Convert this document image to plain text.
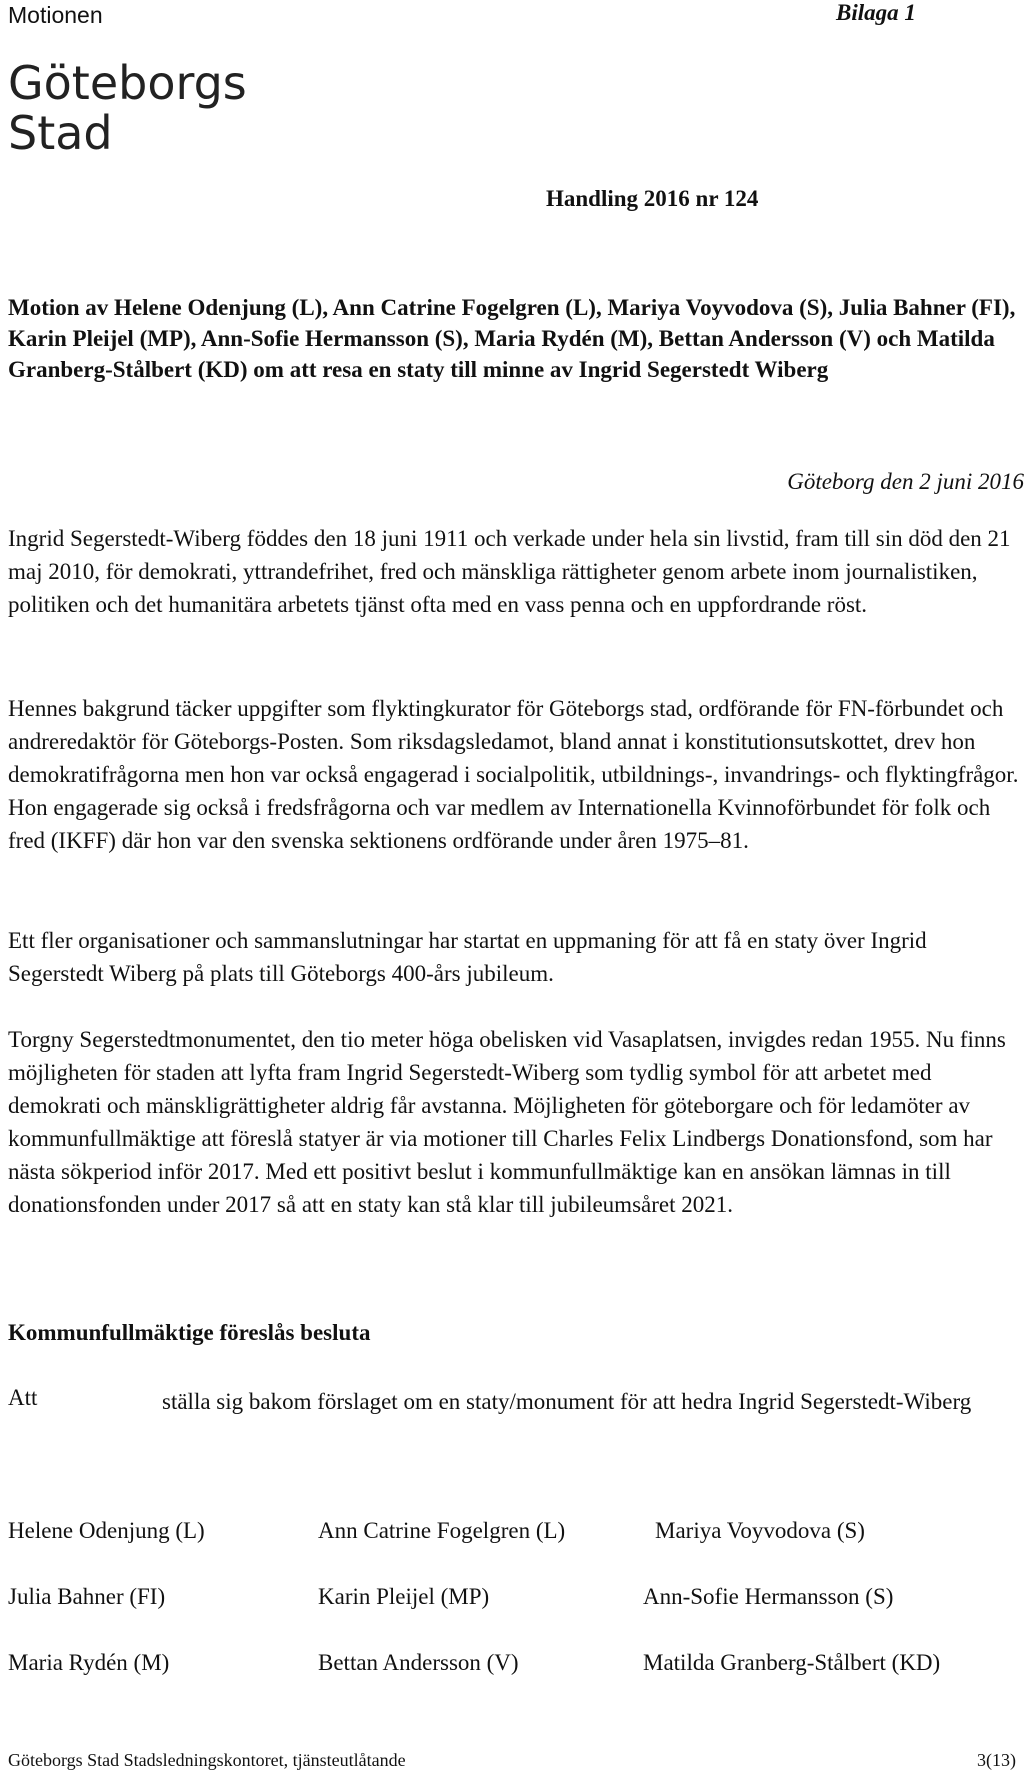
Motionen	Bilaga 1
Göteborgs
Stad
Handling 2016 nr 124
Motion av Helene Odenjung (L), Ann Catrine Fogelgren (L), Mariya Voyvodova (S), Julia Bahner (FI), Karin Pleijel (MP), Ann-Sofie Hermansson (S), Maria Rydén (M), Bettan Andersson (V) och Matilda Granberg-Stålbert (KD) om att resa en staty till minne av Ingrid Segerstedt Wiberg
Göteborg den 2 juni 2016

Ingrid Segerstedt-Wiberg föddes den 18 juni 1911 och verkade under hela sin livstid, fram till sin död den 21 maj 2010, för demokrati, yttrandefrihet, fred och mänskliga rättigheter genom arbete inom journalistiken, politiken och det humanitära arbetets tjänst ofta med en vass penna och en uppfordrande röst.

Hennes bakgrund täcker uppgifter som flyktingkurator för Göteborgs stad, ordförande för FN-förbundet och andreredaktör för Göteborgs-Posten. Som riksdagsledamot, bland annat i konstitutionsutskottet, drev hon demokratifrågorna men hon var också engagerad i socialpolitik, utbildnings-, invandrings- och flyktingfrågor. Hon engagerade sig också i fredsfrågorna och var medlem av Internationella Kvinnoförbundet för folk och fred (IKFF) där hon var den svenska sektionens ordförande under åren 1975–81.

Ett fler organisationer och sammanslutningar har startat en uppmaning för att få en staty över Ingrid Segerstedt Wiberg på plats till Göteborgs 400-års jubileum.

Torgny Segerstedtmonumentet, den tio meter höga obelisken vid Vasaplatsen, invigdes redan 1955. Nu finns möjligheten för staden att lyfta fram Ingrid Segerstedt-Wiberg som tydlig symbol för att arbetet med demokrati och mänskligrättigheter aldrig får avstanna. Möjligheten för göteborgare och för ledamöter av kommunfullmäktige att föreslå statyer är via motioner till Charles Felix Lindbergs Donationsfond, som har nästa sökperiod inför 2017. Med ett positivt beslut i kommunfullmäktige kan en ansökan lämnas in till donationsfonden under 2017 så att en staty kan stå klar till jubileumsåret 2021.

Kommunfullmäktige föreslås besluta
Att	ställa sig bakom förslaget om en staty/monument för att hedra Ingrid Segerstedt-Wiberg
Helene Odenjung (L)	Ann Catrine Fogelgren (L)	Mariya Voyvodova (S)
Julia Bahner (FI)	Karin Pleijel (MP)	Ann-Sofie Hermansson (S)
Maria Rydén (M)	Bettan Andersson (V)	Matilda Granberg-Stålbert (KD)
Göteborgs Stad Stadsledningskontoret, tjänsteutlåtande	3(13)
